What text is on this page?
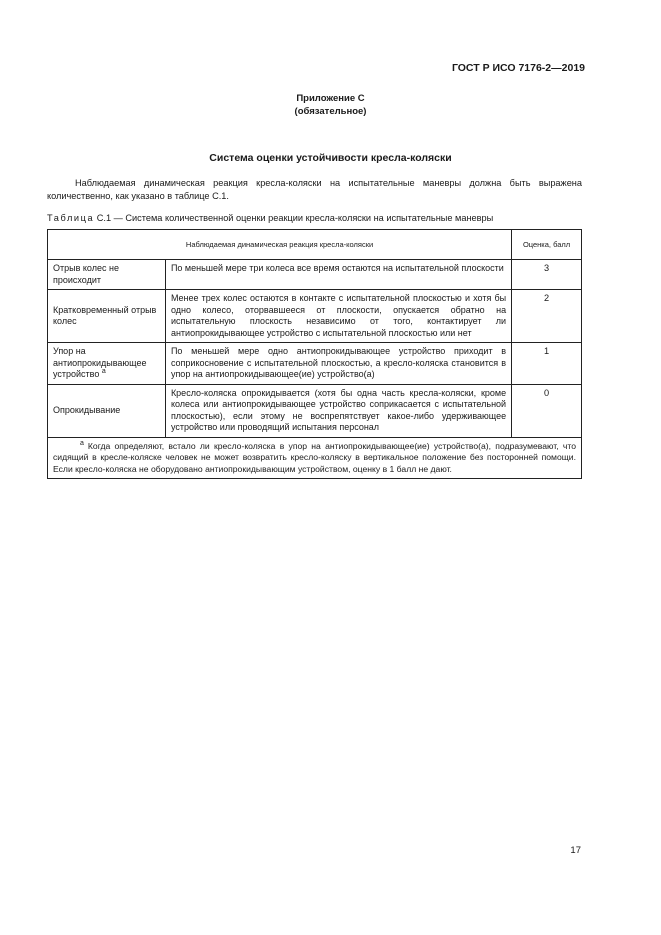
ГОСТ Р ИСО 7176-2—2019
Приложение С
(обязательное)
Система оценки устойчивости кресла-коляски
Наблюдаемая динамическая реакция кресла-коляски на испытательные маневры должна быть выражена количественно, как указано в таблице С.1.
Таблица С.1 — Система количественной оценки реакции кресла-коляски на испытательные маневры
Наблюдаемая динамическая реакция кресла-коляски		Оценка, балл
Отрыв колес не происходит	По меньшей мере три колеса все время остаются на испытательной плоскости	3
Кратковременный отрыв колес	Менее трех колес остаются в контакте с испытательной плоскостью и хотя бы одно колесо, оторвавшееся от плоскости, опускается обратно на испытательную плоскость независимо от того, контактирует ли антиопрокидывающее устройство с испытательной плоскостью или нет	2
Упор на антиопрокидывающее устройство $^а$	По меньшей мере одно антиопрокидывающее устройство приходит в соприкосновение с испытательной плоскостью, а кресло-коляска становится в упор на антиопрокидывающее(ие) устройство(а)	1
Опрокидывание	Кресло-коляска опрокидывается (хотя бы одна часть кресла-коляски, кроме колеса или антиопрокидывающее устройство соприкасается с испытательной плоскостью), если этому не воспрепятствует какое-либо удерживающее устройство или проводящий испытания персонал	0
$^а$ Когда определяют, встало ли кресло-коляска в упор на антиопрокидывающее(ие) устройство(а), подразумевают, что сидящий в кресле-коляске человек не может возвратить кресло-коляску в вертикальное положение без посторонней помощи. Если кресло-коляска не оборудовано антиопрокидывающим устройством, оценку в 1 балл не дают.		
17
